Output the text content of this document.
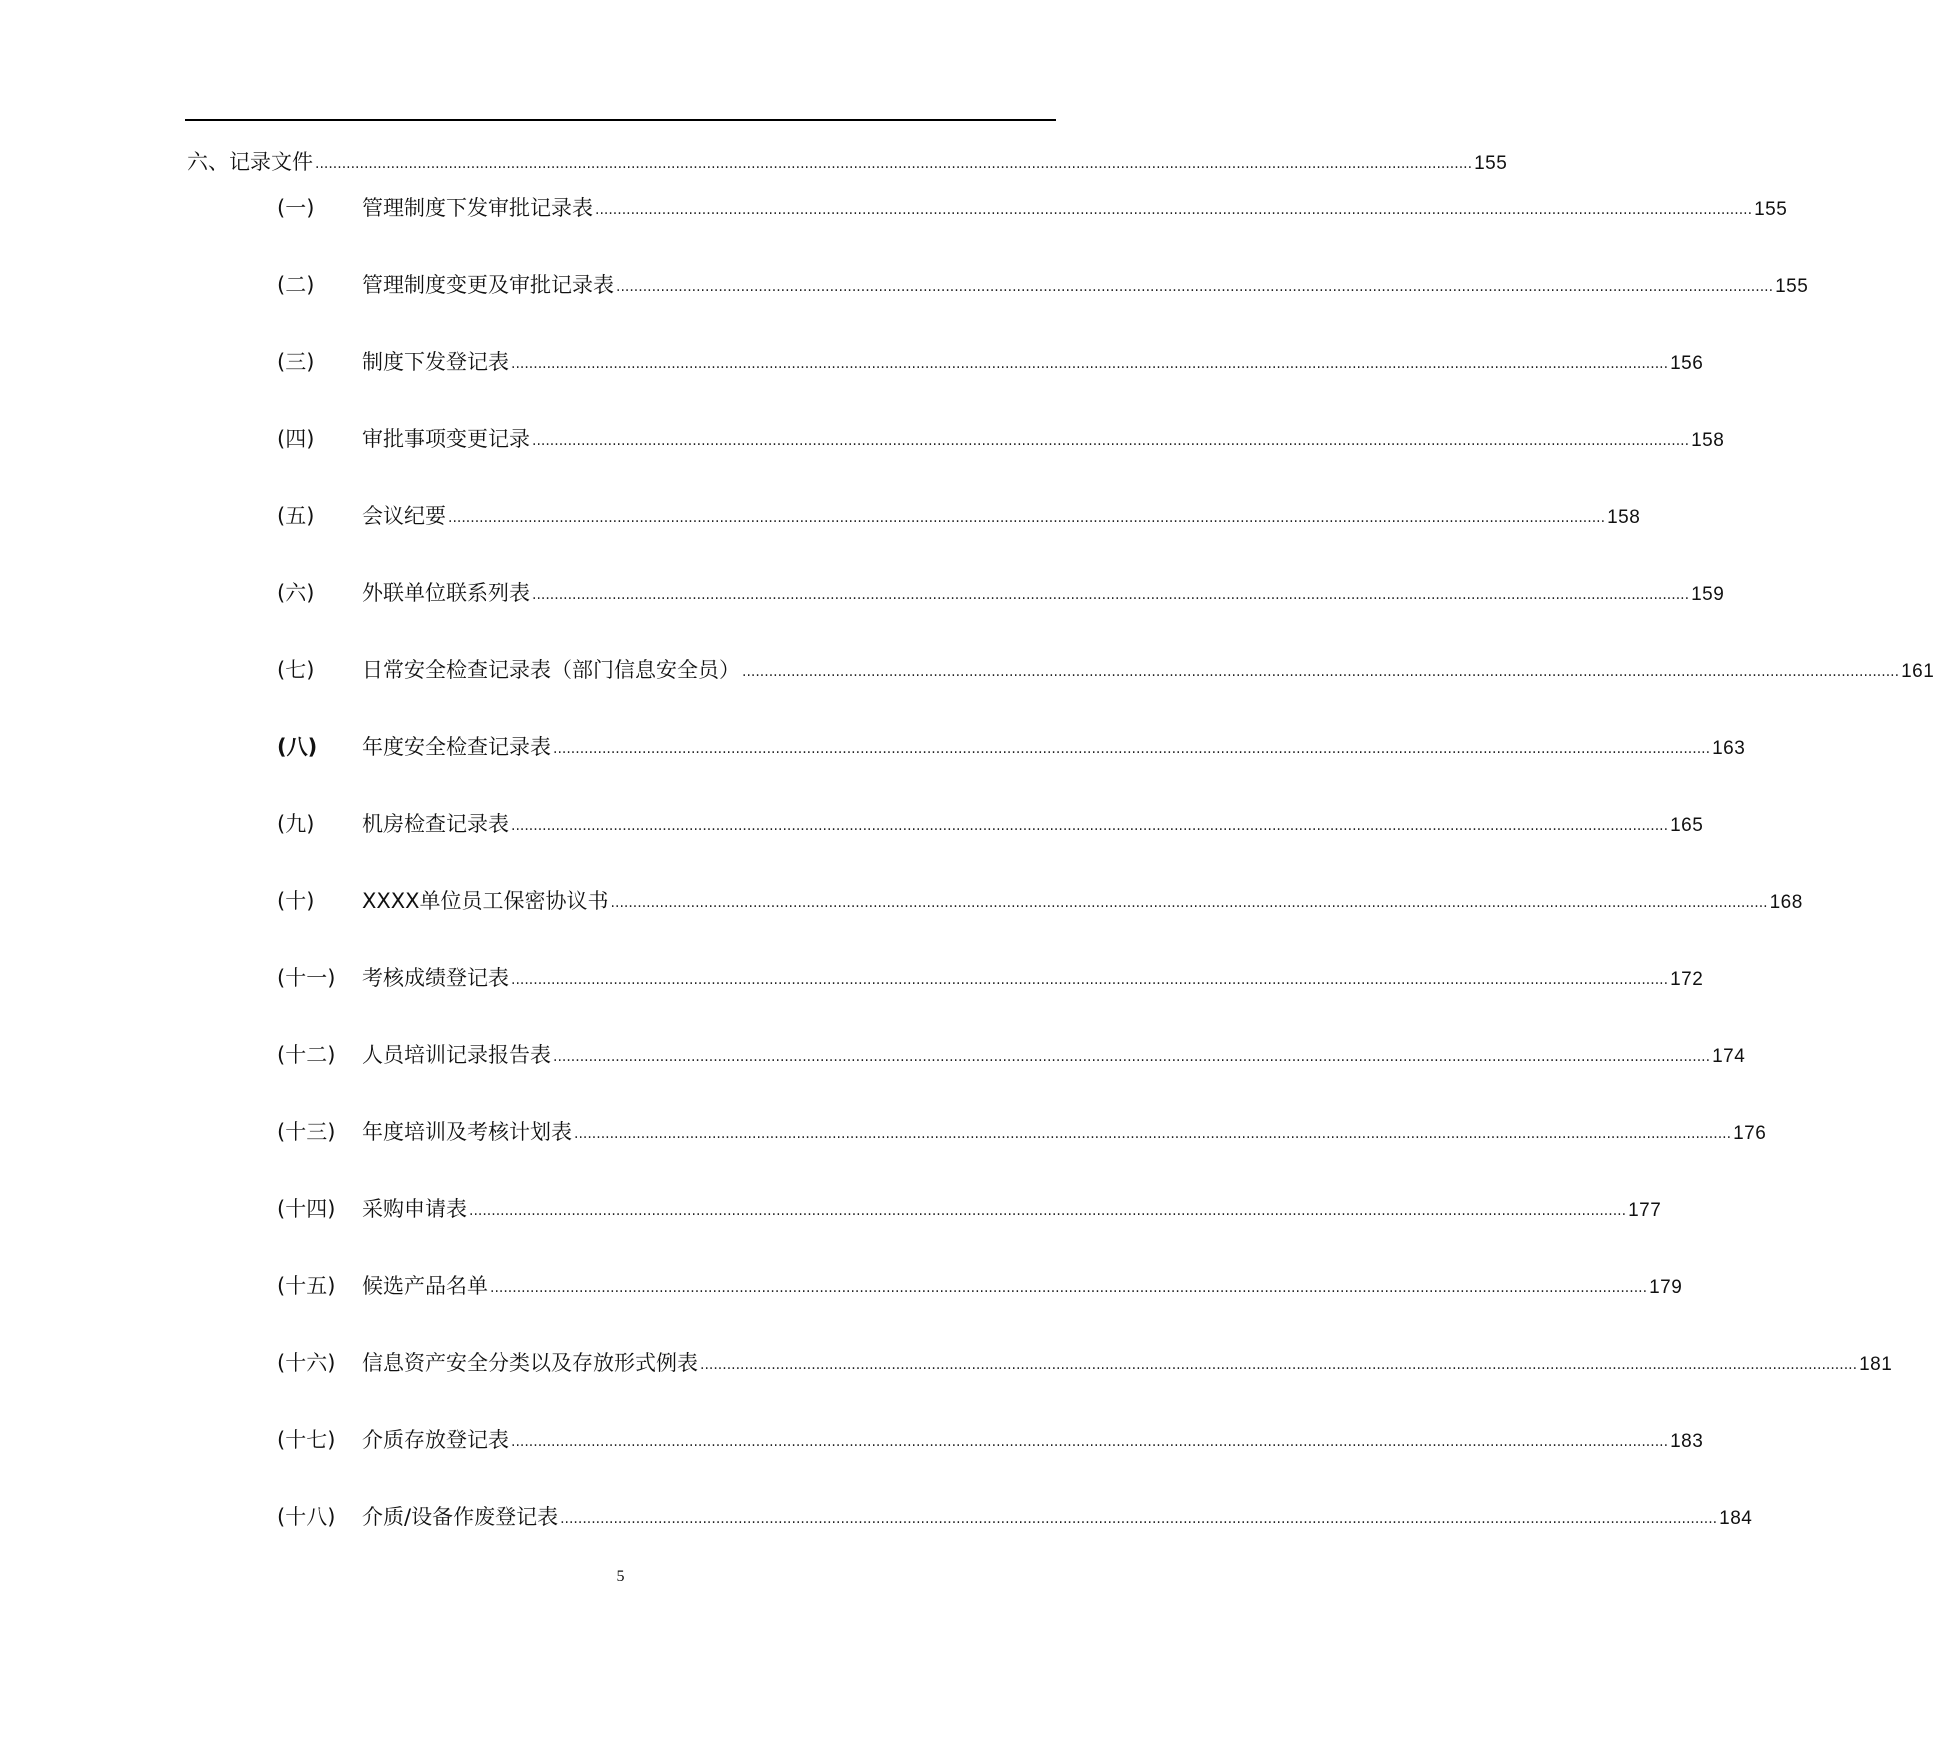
六、记录文件 .................................................................................................................................................................................................................................................................... 155
(一) 管理制度下发审批记录表 .................................................................................................................................................................................................................................................................... 155
(二) 管理制度变更及审批记录表 .................................................................................................................................................................................................................................................................... 155
(三) 制度下发登记表 .................................................................................................................................................................................................................................................................... 156
(四) 审批事项变更记录 .................................................................................................................................................................................................................................................................... 158
(五) 会议纪要 .................................................................................................................................................................................................................................................................... 158
(六) 外联单位联系列表 .................................................................................................................................................................................................................................................................... 159
(七) 日常安全检查记录表（部门信息安全员） .................................................................................................................................................................................................................................................................... 161
(八) 年度安全检查记录表 .................................................................................................................................................................................................................................................................... 163
(九) 机房检查记录表 .................................................................................................................................................................................................................................................................... 165
(十) XXXX单位员工保密协议书 .................................................................................................................................................................................................................................................................... 168
(十一) 考核成绩登记表 .................................................................................................................................................................................................................................................................... 172
(十二) 人员培训记录报告表 .................................................................................................................................................................................................................................................................... 174
(十三) 年度培训及考核计划表 .................................................................................................................................................................................................................................................................... 176
(十四) 采购申请表 .................................................................................................................................................................................................................................................................... 177
(十五) 候选产品名单 .................................................................................................................................................................................................................................................................... 179
(十六) 信息资产安全分类以及存放形式例表 .................................................................................................................................................................................................................................................................... 181
(十七) 介质存放登记表 .................................................................................................................................................................................................................................................................... 183
(十八) 介质/设备作废登记表 .................................................................................................................................................................................................................................................................... 184
5
